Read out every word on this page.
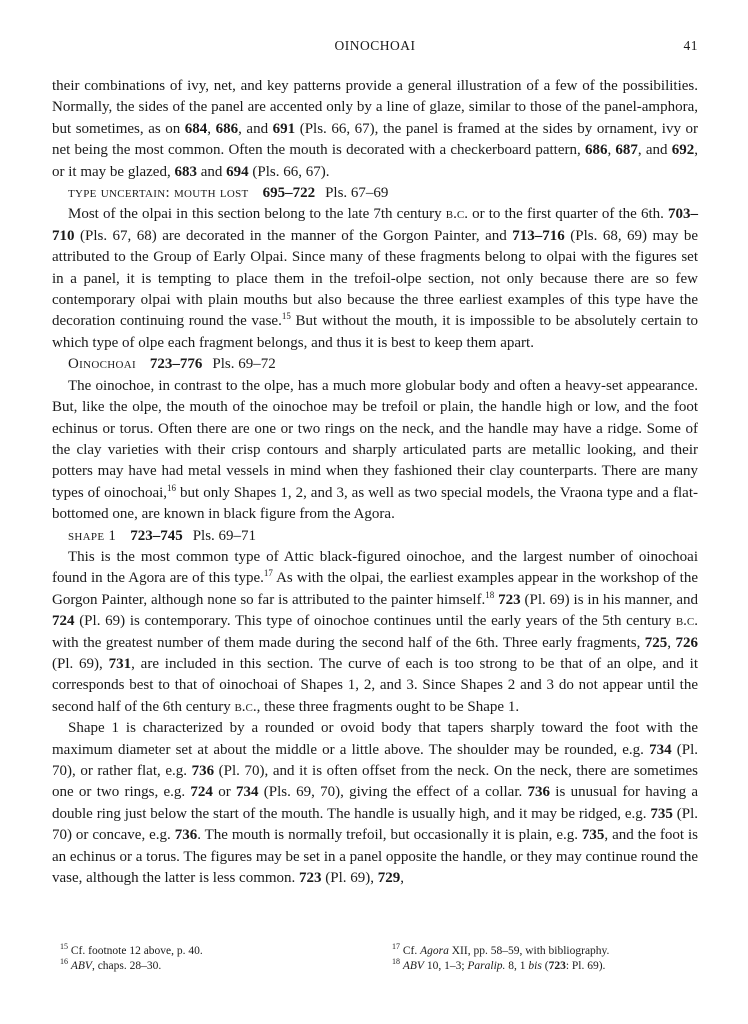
OINOCHOAI	41

their combinations of ivy, net, and key patterns provide a general illustration of a few of the possibilities. Normally, the sides of the panel are accented only by a line of glaze, similar to those of the panel-amphora, but sometimes, as on 684, 686, and 691 (Pls. 66, 67), the panel is framed at the sides by ornament, ivy or net being the most common. Often the mouth is decorated with a checkerboard pattern, 686, 687, and 692, or it may be glazed, 683 and 694 (Pls. 66, 67).

type uncertain: mouth lost 695–722 Pls. 67–69

Most of the olpai in this section belong to the late 7th century b.c. or to the first quarter of the 6th. 703–710 (Pls. 67, 68) are decorated in the manner of the Gorgon Painter, and 713–716 (Pls. 68, 69) may be attributed to the Group of Early Olpai. Since many of these fragments belong to olpai with the figures set in a panel, it is tempting to place them in the trefoil-olpe section, not only because there are so few contemporary olpai with plain mouths but also because the three earliest examples of this type have the decoration continuing round the vase.$^{15}$ But without the mouth, it is impossible to be absolutely certain to which type of olpe each fragment belongs, and thus it is best to keep them apart.

Oinochoai 723–776 Pls. 69–72

The oinochoe, in contrast to the olpe, has a much more globular body and often a heavy-set appearance. But, like the olpe, the mouth of the oinochoe may be trefoil or plain, the handle high or low, and the foot echinus or torus. Often there are one or two rings on the neck, and the handle may have a ridge. Some of the clay varieties with their crisp contours and sharply articulated parts are metallic looking, and their potters may have had metal vessels in mind when they fashioned their clay counterparts. There are many types of oinochoai,$^{16}$ but only Shapes 1, 2, and 3, as well as two special models, the Vraona type and a flat-bottomed one, are known in black figure from the Agora.

shape 1 723–745 Pls. 69–71

This is the most common type of Attic black-figured oinochoe, and the largest number of oinochoai found in the Agora are of this type.$^{17}$ As with the olpai, the earliest examples appear in the workshop of the Gorgon Painter, although none so far is attributed to the painter himself.$^{18}$ 723 (Pl. 69) is in his manner, and 724 (Pl. 69) is contemporary. This type of oinochoe continues until the early years of the 5th century b.c. with the greatest number of them made during the second half of the 6th. Three early fragments, 725, 726 (Pl. 69), 731, are included in this section. The curve of each is too strong to be that of an olpe, and it corresponds best to that of oinochoai of Shapes 1, 2, and 3. Since Shapes 2 and 3 do not appear until the second half of the 6th century b.c., these three fragments ought to be Shape 1.

Shape 1 is characterized by a rounded or ovoid body that tapers sharply toward the foot with the maximum diameter set at about the middle or a little above. The shoulder may be rounded, e.g. 734 (Pl. 70), or rather flat, e.g. 736 (Pl. 70), and it is often offset from the neck. On the neck, there are sometimes one or two rings, e.g. 724 or 734 (Pls. 69, 70), giving the effect of a collar. 736 is unusual for having a double ring just below the start of the mouth. The handle is usually high, and it may be ridged, e.g. 735 (Pl. 70) or concave, e.g. 736. The mouth is normally trefoil, but occasionally it is plain, e.g. 735, and the foot is an echinus or a torus. The figures may be set in a panel opposite the handle, or they may continue round the vase, although the latter is less common. 723 (Pl. 69), 729,

$^{15}$ Cf. footnote 12 above, p. 40.
$^{16}$ ABV, chaps. 28–30.
$^{17}$ Cf. Agora XII, pp. 58–59, with bibliography.
$^{18}$ ABV 10, 1–3; Paralip. 8, 1 bis (723: Pl. 69).
